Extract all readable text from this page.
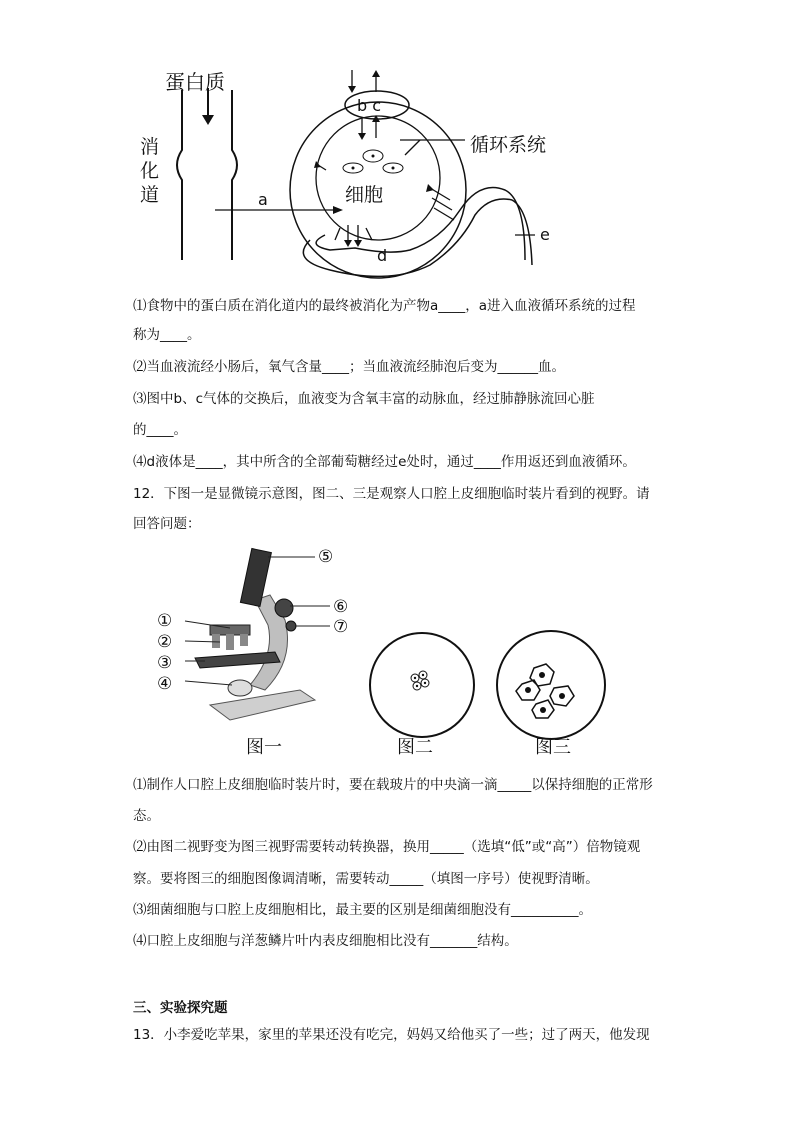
蛋白质
消
化
道
循环系统
细胞
a
b c
d
e
⑴食物中的蛋白质在消化道内的最终被消化为产物a____，a进入血液循环系统的过程
称为____。
⑵当血液流经小肠后，氧气含量____；当血液流经肺泡后变为______血。
⑶图中b、c气体的交换后，血液变为含氧丰富的动脉血，经过肺静脉流回心脏
的____。
⑷d液体是____，其中所含的全部葡萄糖经过e处时，通过____作用返还到血液循环。
12．下图一是显微镜示意图，图二、三是观察人口腔上皮细胞临时装片看到的视野。请
回答问题：
①
②
③
④
⑤
⑥
⑦
图一	图二	图三
⑴制作人口腔上皮细胞临时装片时，要在载玻片的中央滴一滴_____以保持细胞的正常形
态。
⑵由图二视野变为图三视野需要转动转换器，换用_____（选填“低”或“高”）倍物镜观
察。要将图三的细胞图像调清晰，需要转动_____（填图一序号）使视野清晰。
⑶细菌细胞与口腔上皮细胞相比，最主要的区别是细菌细胞没有__________。
⑷口腔上皮细胞与洋葱鳞片叶内表皮细胞相比没有_______结构。
三、实验探究题
13．小李爱吃苹果，家里的苹果还没有吃完，妈妈又给他买了一些；过了两天，他发现
